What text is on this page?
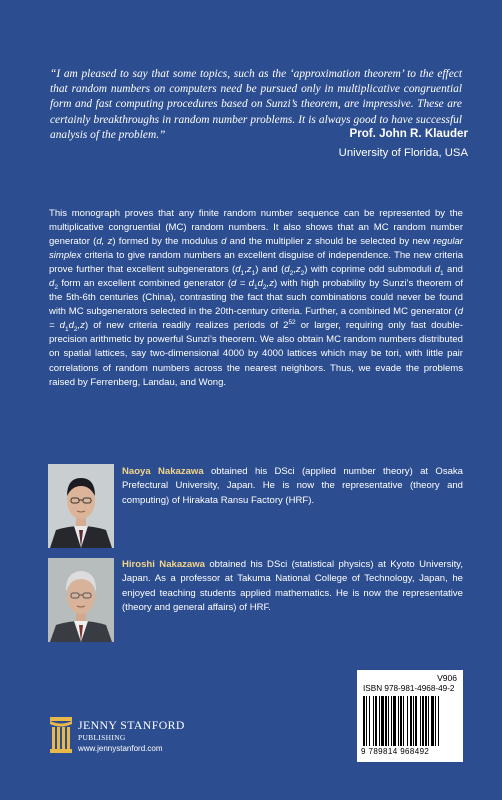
“I am pleased to say that some topics, such as the ‘approximation theorem’ to the effect that random numbers on computers need be pursued only in multiplicative congruential form and fast computing procedures based on Sunzi’s theorem, are impressive. These are certainly breakthroughs in random number problems. It is always good to have successful analysis of the problem.”	Prof. John R. Klauder
University of Florida, USA
This monograph proves that any finite random number sequence can be represented by the multiplicative congruential (MC) random numbers. It also shows that an MC random number generator (d, z) formed by the modulus d and the multiplier z should be selected by new regular simplex criteria to give random numbers an excellent disguise of independence. The new criteria prove further that excellent subgenerators $(d_1,z_1)$ and $(d_2,z_2)$ with coprime odd submoduli $d_1$ and $d_2$ form an excellent combined generator $(d = d_1d_2,z)$ with high probability by Sunzi’s theorem of the 5th-6th centuries (China), contrasting the fact that such combinations could never be found with MC subgenerators selected in the 20th-century criteria. Further, a combined MC generator $(d = d_1d_2,z)$ of new criteria readily realizes periods of $2^{52}$ or larger, requiring only fast double-precision arithmetic by powerful Sunzi’s theorem. We also obtain MC random numbers distributed on spatial lattices, say two-dimensional 4000 by 4000 lattices which may be tori, with little pair correlations of random numbers across the nearest neighbors. Thus, we evade the problems raised by Ferrenberg, Landau, and Wong.
Naoya Nakazawa obtained his DSci (applied number theory) at Osaka Prefectural University, Japan. He is now the representative (theory and computing) of Hirakata Ransu Factory (HRF).
Hiroshi Nakazawa obtained his DSci (statistical physics) at Kyoto University, Japan. As a professor at Takuma National College of Technology, Japan, he enjoyed teaching students applied mathematics. He is now the representative (theory and general affairs) of HRF.
V906
ISBN 978-981-4968-49-2
9 789814 968492
JENNY STANFORD
PUBLISHING
www.jennystanford.com
